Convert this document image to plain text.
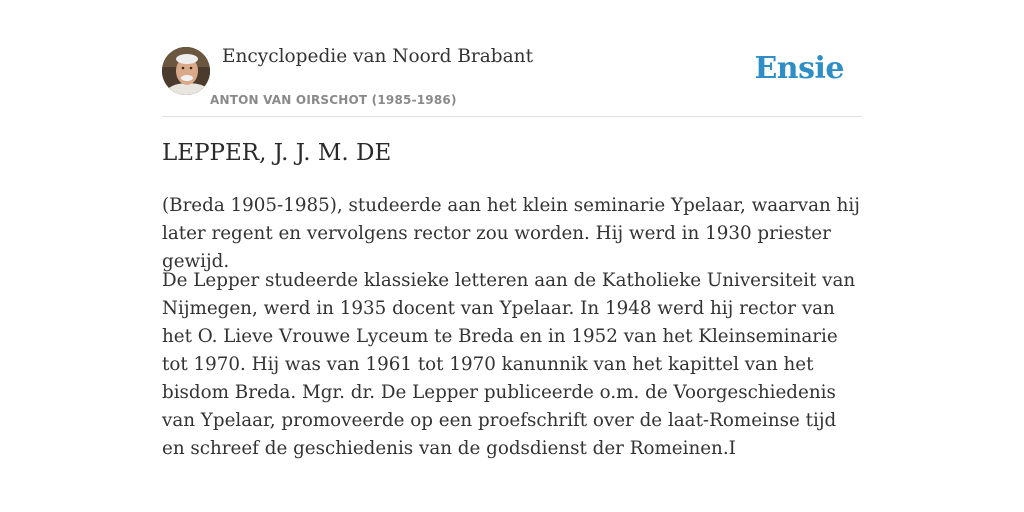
Encyclopedie van Noord Brabant
ANTON VAN OIRSCHOT (1985-1986)
Ensie
LEPPER, J. J. M. DE

(Breda 1905-1985), studeerde aan het klein seminarie Ypelaar, waarvan hij later regent en vervolgens rector zou worden. Hij werd in 1930 priester gewijd.

De Lepper studeerde klassieke letteren aan de Katholieke Universiteit van Nijmegen, werd in 1935 docent van Ypelaar. In 1948 werd hij rector van het O. Lieve Vrouwe Lyceum te Breda en in 1952 van het Kleinseminarie tot 1970. Hij was van 1961 tot 1970 kanunnik van het kapittel van het bisdom Breda. Mgr. dr. De Lepper publiceerde o.m. de Voorgeschiedenis van Ypelaar, promoveerde op een proefschrift over de laat-Romeinse tijd en schreef de geschiedenis van de godsdienst der Romeinen.I
